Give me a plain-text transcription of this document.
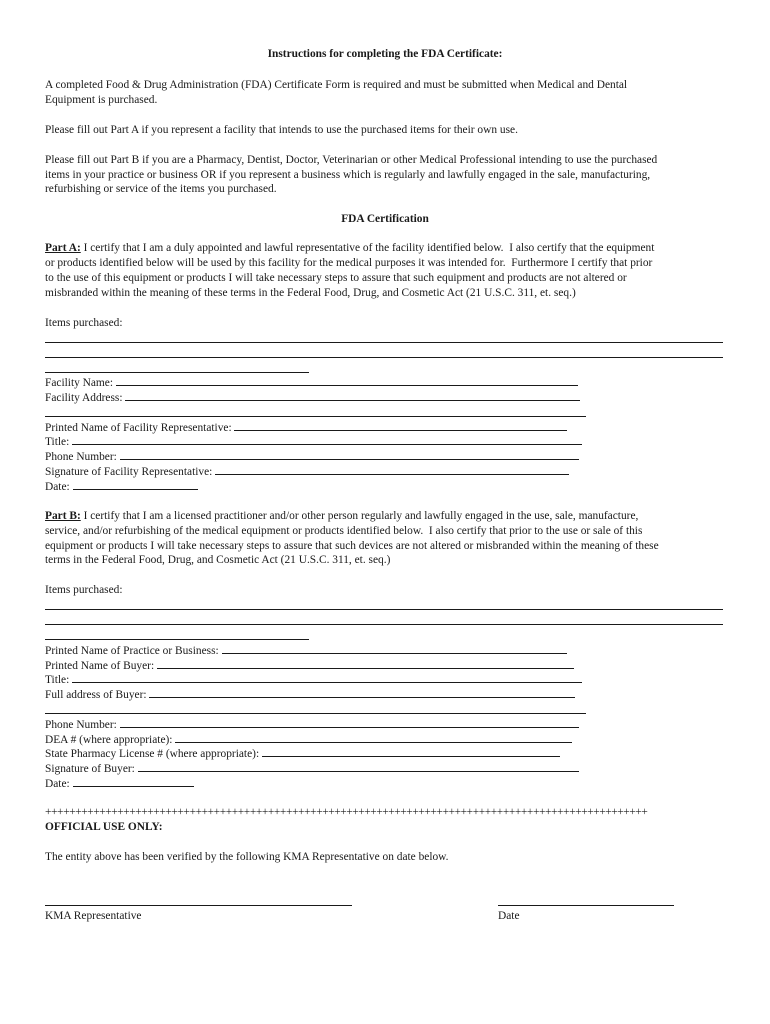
Instructions for completing the FDA Certificate:

A completed Food & Drug Administration (FDA) Certificate Form is required and must be submitted when Medical and Dental

Equipment is purchased.

Please fill out Part A if you represent a facility that intends to use the purchased items for their own use.

Please fill out Part B if you are a Pharmacy, Dentist, Doctor, Veterinarian or other Medical Professional intending to use the purchased

items in your practice or business OR if you represent a business which is regularly and lawfully engaged in the sale, manufacturing,

refurbishing or service of the items you purchased.

FDA Certification

Part A: I certify that I am a duly appointed and lawful representative of the facility identified below.  I also certify that the equipment

or products identified below will be used by this facility for the medical purposes it was intended for.  Furthermore I certify that prior

to the use of this equipment or products I will take necessary steps to assure that such equipment and products are not altered or

misbranded within the meaning of these terms in the Federal Food, Drug, and Cosmetic Act (21 U.S.C. 311, et. seq.)

Items purchased:

Facility Name:

Facility Address:

Printed Name of Facility Representative:

Title:

Phone Number:

Signature of Facility Representative:

Date:

Part B: I certify that I am a licensed practitioner and/or other person regularly and lawfully engaged in the use, sale, manufacture,

service, and/or refurbishing of the medical equipment or products identified below.  I also certify that prior to the use or sale of this

equipment or products I will take necessary steps to assure that such devices are not altered or misbranded within the meaning of these

terms in the Federal Food, Drug, and Cosmetic Act (21 U.S.C. 311, et. seq.)

Items purchased:

Printed Name of Practice or Business:

Printed Name of Buyer:

Title:

Full address of Buyer:

Phone Number:

DEA # (where appropriate):

State Pharmacy License # (where appropriate):

Signature of Buyer:

Date:

++++++++++++++++++++++++++++++++++++++++++++++++++++++++++++++++++++++++++++++++++++++++++++++++++++

OFFICIAL USE ONLY:

The entity above has been verified by the following KMA Representative on date below.

KMA Representative	Date
